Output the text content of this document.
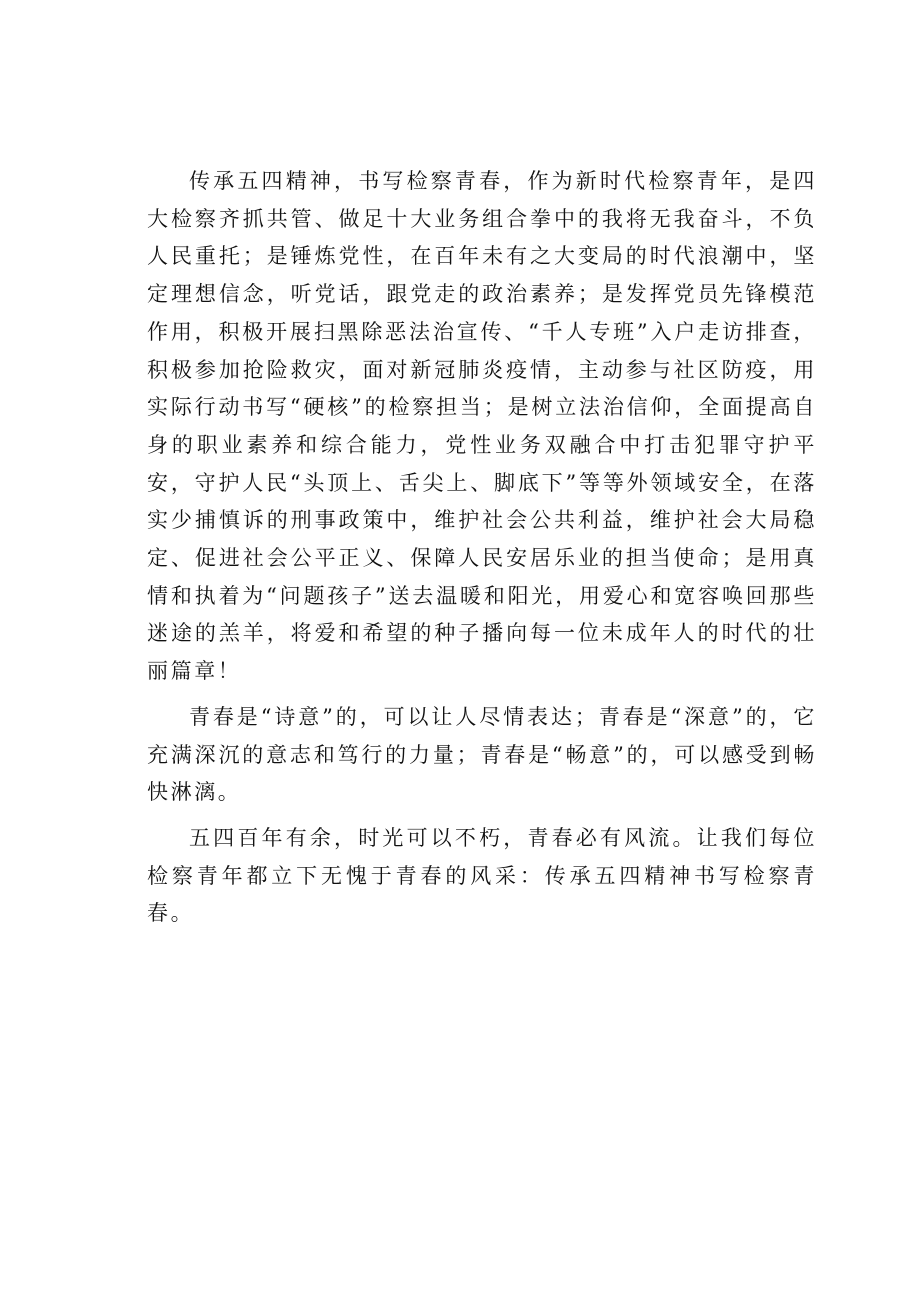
传承五四精神，书写检察青春，作为新时代检察青年，是四大检察齐抓共管、做足十大业务组合拳中的我将无我奋斗，不负人民重托；是锤炼党性，在百年未有之大变局的时代浪潮中，坚定理想信念，听党话，跟党走的政治素养；是发挥党员先锋模范作用，积极开展扫黑除恶法治宣传、“千人专班”入户走访排查，积极参加抢险救灾，面对新冠肺炎疫情，主动参与社区防疫，用实际行动书写“硬核”的检察担当；是树立法治信仰，全面提高自身的职业素养和综合能力，党性业务双融合中打击犯罪守护平安，守护人民“头顶上、舌尖上、脚底下”等等外领域安全，在落实少捕慎诉的刑事政策中，维护社会公共利益，维护社会大局稳定、促进社会公平正义、保障人民安居乐业的担当使命；是用真情和执着为“问题孩子”送去温暖和阳光，用爱心和宽容唤回那些迷途的羔羊，将爱和希望的种子播向每一位未成年人的时代的壮丽篇章！

青春是“诗意”的，可以让人尽情表达；青春是“深意”的，它充满深沉的意志和笃行的力量；青春是“畅意”的，可以感受到畅快淋漓。

五四百年有余，时光可以不朽，青春必有风流。让我们每位检察青年都立下无愧于青春的风采：传承五四精神书写检察青春。
